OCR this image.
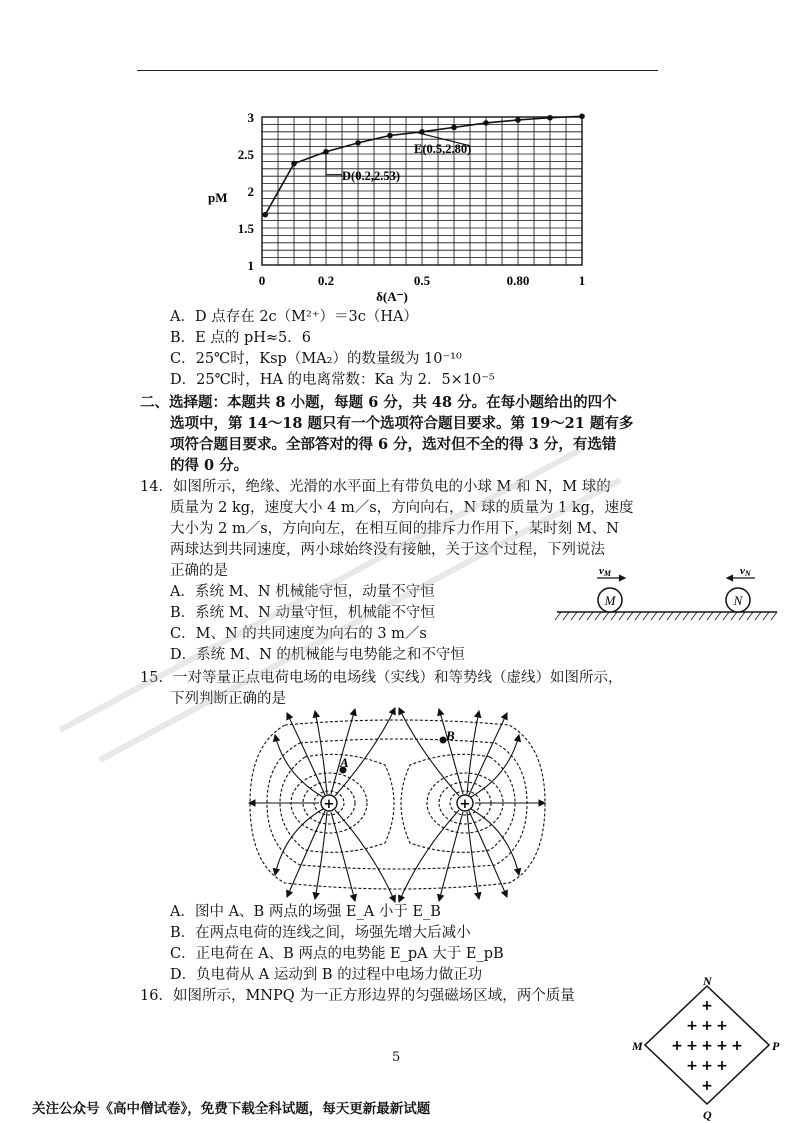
0	0.2	0.5	0.80	1
1
1.5
2
2.5
3
δ(A⁻)
pM
D(0.2,2.53)
E(0.5,2.80)
A．D 点存在 2c（M²⁺）＝3c（HA）
B．E 点的 pH≈5．6
C．25℃时，Ksp（MA₂）的数量级为 10⁻¹⁰
D．25℃时，HA 的电离常数：Ka 为 2．5×10⁻⁵
二、选择题：本题共 8 小题，每题 6 分，共 48 分。在每小题给出的四个
选项中，第 14～18 题只有一个选项符合题目要求。第 19～21 题有多
项符合题目要求。全部答对的得 6 分，选对但不全的得 3 分，有选错
的得 0 分。
14．如图所示，绝缘、光滑的水平面上有带负电的小球 M 和 N，M 球的
质量为 2 kg，速度大小 4 m／s，方向向右，N 球的质量为 1 kg，速度
大小为 2 m／s，方向向左，在相互间的排斥力作用下，某时刻 M、N
两球达到共同速度，两小球始终没有接触，关于这个过程，下列说法
正确的是
A．系统 M、N 机械能守恒，动量不守恒
B．系统 M、N 动量守恒，机械能不守恒
C．M、N 的共同速度为向右的 3 m／s
D．系统 M、N 的机械能与电势能之和不守恒
M	N
vM	vN
15．一对等量正点电荷电场的电场线（实线）和等势线（虚线）如图所示，
下列判断正确的是
+	+
A
B
A．图中 A、B 两点的场强 E_A 小于 E_B
B．在两点电荷的连线之间，场强先增大后减小
C．正电荷在 A、B 两点的电势能 E_pA 大于 E_pB
D．负电荷从 A 运动到 B 的过程中电场力做正功
16．如图所示，MNPQ 为一正方形边界的匀强磁场区域，两个质量
N
M	P
Q
+
+ + +
+ + + + +
+ + +
+
5
关注公众号《高中僧试卷》，免费下载全科试题，每天更新最新试题
